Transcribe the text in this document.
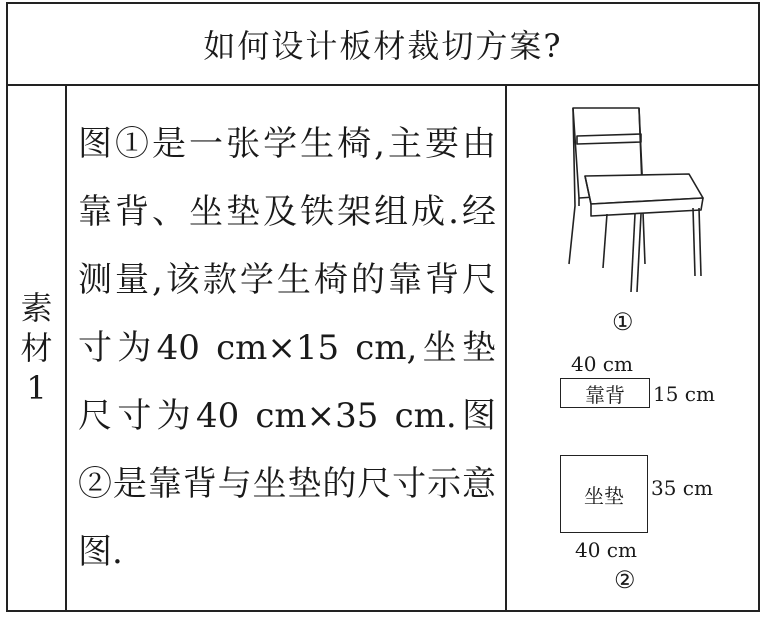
如何设计板材裁切方案?
素
材
1
图①是一张学生椅,主要由靠背、坐垫及铁架组成.经测量,该款学生椅的靠背尺寸为40 cm×15 cm,坐垫尺寸为40 cm×35 cm.图②是靠背与坐垫的尺寸示意图.
①
40 cm
靠背 15 cm
坐垫 35 cm
40 cm
②
